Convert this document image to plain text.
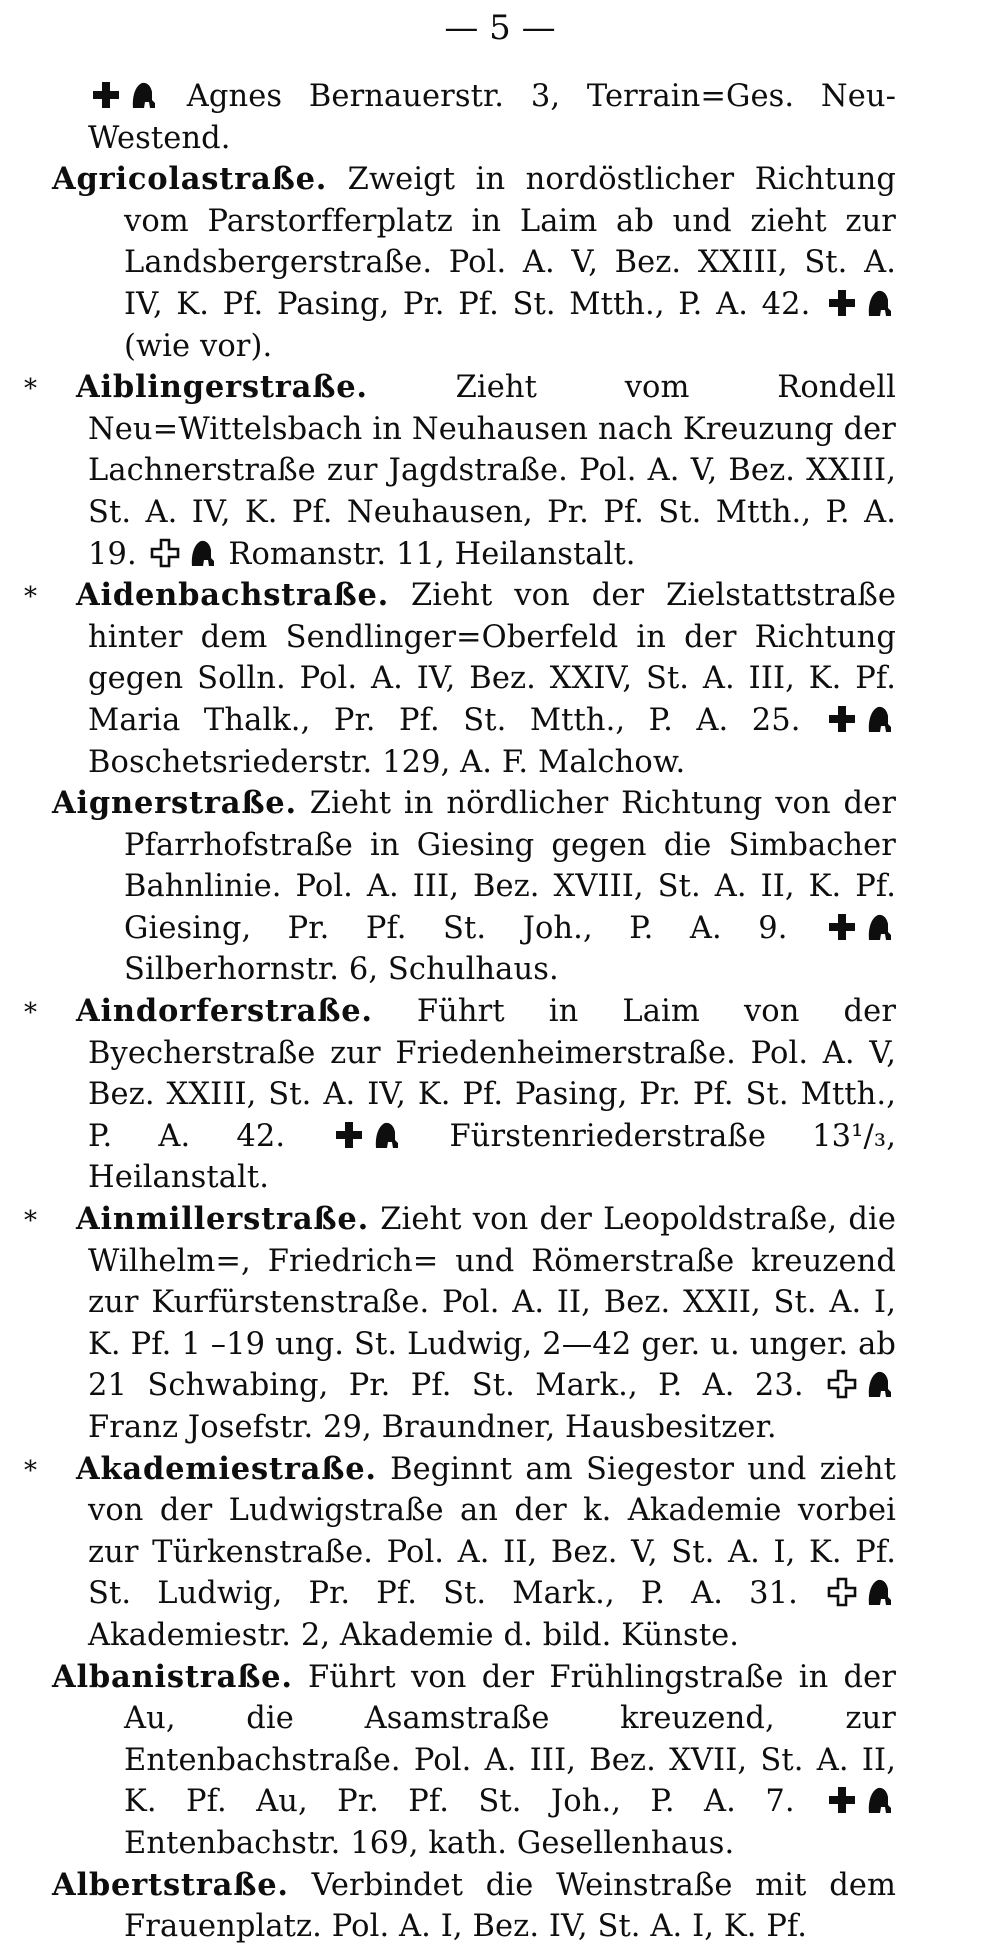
— 5 —
Agnes Bernauerstr. 3, Terrain=Ges. Neu-Westend.
Agricolastraße. Zweigt in nordöstlicher Richtung vom Parstorfferplatz in Laim ab und zieht zur Landsbergerstraße. Pol. A. V, Bez. XXIII, St. A. IV, K. Pf. Pasing, Pr. Pf. St. Mtth., P. A. 42.
(wie vor).
* Aiblingerstraße.	Zieht vom Rondell Neu=Wittelsbach in Neuhausen nach Kreuzung der Lachnerstraße zur Jagdstraße. Pol. A. V, Bez. XXIII, St. A. IV, K. Pf. Neuhausen, Pr. Pf. St. Mtth., P. A. 19.	Romanstr. 11, Heilanstalt.
* Aidenbachstraße. Zieht von der Zielstattstraße hinter dem Sendlinger=Oberfeld in der Richtung gegen Solln. Pol. A. IV, Bez. XXIV, St. A. III, K. Pf. Maria Thalk., Pr. Pf. St. Mtth., P. A. 25.
Boschetsriederstr. 129, A. F. Malchow.
Aignerstraße. Zieht in nördlicher Richtung von der Pfarrhofstraße in Giesing gegen die Simbacher Bahnlinie. Pol. A. III, Bez. XVIII, St. A. II, K. Pf. Giesing, Pr. Pf. St. Joh., P. A. 9.
Silberhornstr. 6, Schulhaus.
* Aindorferstraße. Führt in Laim von der Byecherstraße zur Friedenheimerstraße. Pol. A. V, Bez. XXIII, St. A. IV, K. Pf. Pasing, Pr. Pf. St. Mtth., P. A. 42.	Fürstenriederstraße 13¹/₃, Heilanstalt.
* Ainmillerstraße. Zieht von der Leopoldstraße, die Wilhelm=, Friedrich= und Römerstraße kreuzend zur Kurfürstenstraße. Pol. A. II, Bez. XXII, St. A. I, K. Pf. 1 –19 ung. St. Ludwig, 2—42 ger. u. unger. ab 21 Schwabing, Pr. Pf. St. Mark., P. A. 23.
Franz Josefstr. 29, Braundner, Hausbesitzer.
* Akademiestraße. Beginnt am Siegestor und zieht von der Ludwigstraße an der k. Akademie vorbei zur Türkenstraße. Pol. A. II, Bez. V, St. A. I, K. Pf. St. Ludwig, Pr. Pf. St. Mark., P. A. 31.
Akademiestr. 2, Akademie d. bild. Künste.
Albanistraße. Führt von der Frühlingstraße in der Au, die Asamstraße kreuzend, zur Entenbachstraße. Pol. A. III, Bez. XVII, St. A. II, K. Pf. Au, Pr. Pf. St. Joh., P. A. 7.
Entenbachstr. 169, kath. Gesellenhaus.
Albertstraße. Verbindet die Weinstraße mit dem Frauenplatz. Pol. A. I, Bez. IV, St. A. I, K. Pf.
